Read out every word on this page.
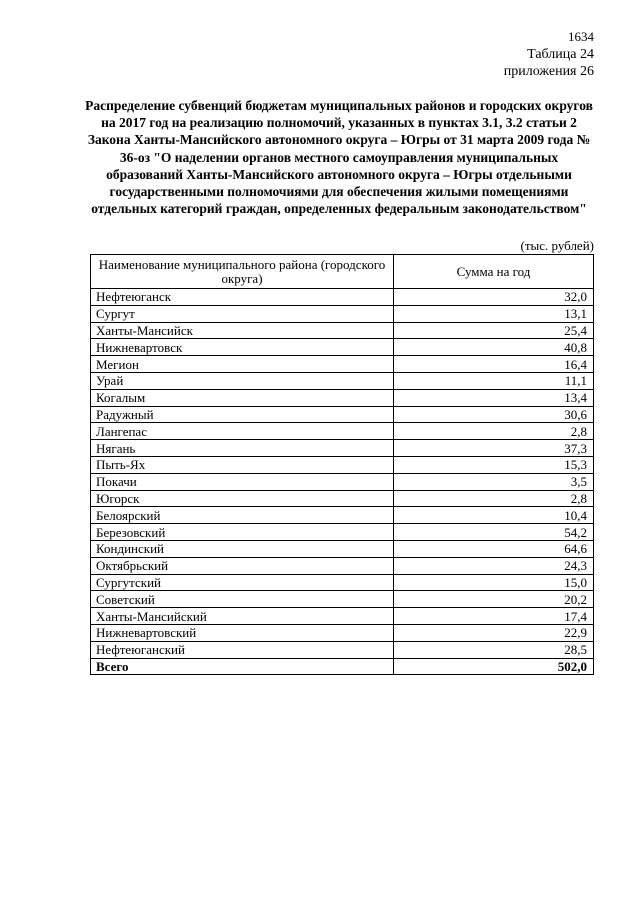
1634
Таблица 24
приложения 26
Распределение субвенций бюджетам муниципальных районов и городских округов на 2017 год на реализацию полномочий, указанных в пунктах 3.1, 3.2 статьи 2 Закона Ханты-Мансийского автономного округа – Югры от 31 марта 2009 года № 36-оз "О наделении органов местного самоуправления муниципальных образований Ханты-Мансийского автономного округа – Югры отдельными государственными полномочиями для обеспечения жилыми помещениями отдельных категорий граждан, определенных федеральным законодательством"
(тыс. рублей)
Наименование муниципального района (городского округа)	Сумма на год
Нефтеюганск	32,0
Сургут	13,1
Ханты-Мансийск	25,4
Нижневартовск	40,8
Мегион	16,4
Урай	11,1
Когалым	13,4
Радужный	30,6
Лангепас	2,8
Нягань	37,3
Пыть-Ях	15,3
Покачи	3,5
Югорск	2,8
Белоярский	10,4
Березовский	54,2
Кондинский	64,6
Октябрьский	24,3
Сургутский	15,0
Советский	20,2
Ханты-Мансийский	17,4
Нижневартовский	22,9
Нефтеюганский	28,5
Всего	502,0
